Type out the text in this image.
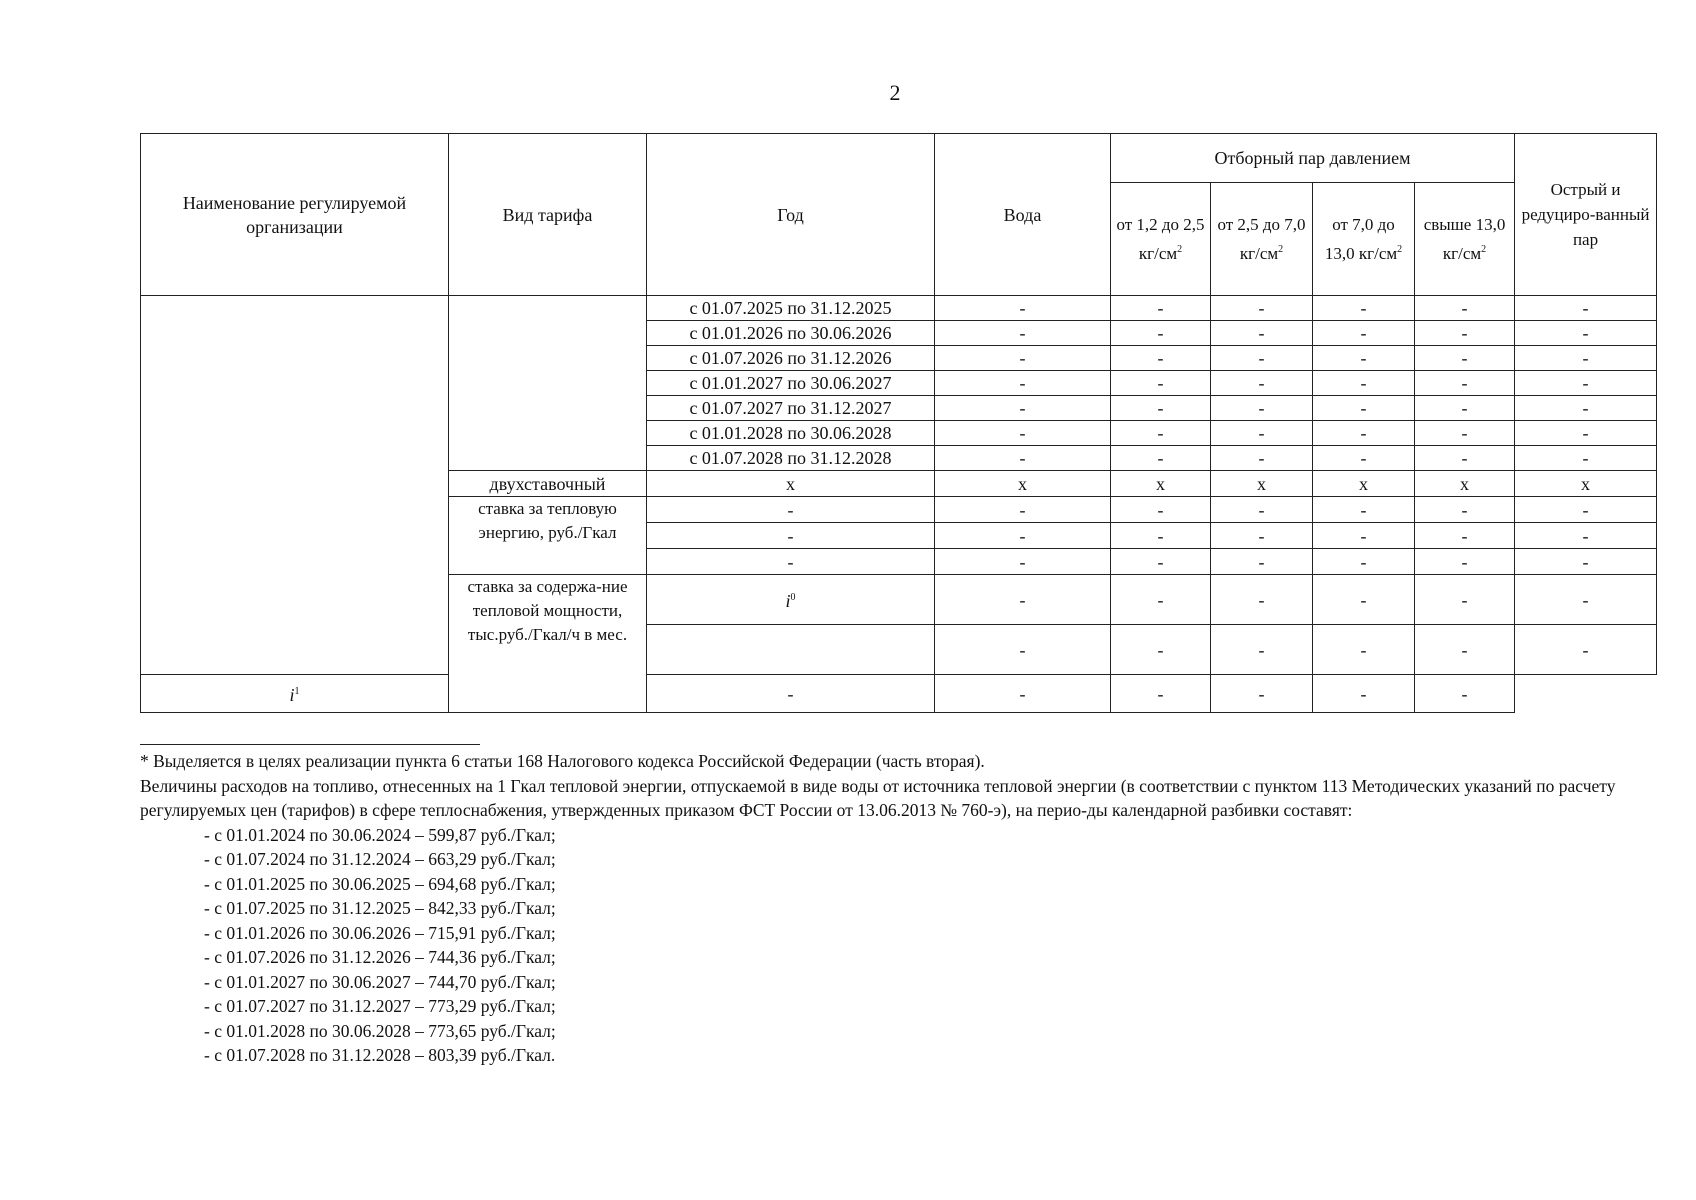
2
Наименование регулируемой организации	Вид тарифа	Год	Вода	Отборный пар давлением				Острый и редуциро-ванный пар
				от 1,2 до 2,5 $кг/см^2$	от 2,5 до 7,0 $кг/см^2$	от 7,0 до 13,0 $кг/см^2$	свыше 13,0 $кг/см^2$
		с 01.07.2025 по 31.12.2025	-	-	-	-	-	-
		с 01.01.2026 по 30.06.2026	-	-	-	-	-	-
		с 01.07.2026 по 31.12.2026	-	-	-	-	-	-
		с 01.01.2027 по 30.06.2027	-	-	-	-	-	-
		с 01.07.2027 по 31.12.2027	-	-	-	-	-	-
		с 01.01.2028 по 30.06.2028	-	-	-	-	-	-
		с 01.07.2028 по 31.12.2028	-	-	-	-	-	-
	двухставочный	x	x	x	x	x	x	x
	ставка за тепловую энергию, руб./Гкал	-	-	-	-	-	-	-
		-	-	-	-	-	-	-
		-	-	-	-	-	-	-
	ставка за содержа-ние тепловой мощности, тыс.руб./Гкал/ч в мес.	$i^0$	-	-	-	-	-	-
			-	-	-	-	-	-
$i^1$		-	-	-	-	-	-	

* Выделяется в целях реализации пункта 6 статьи 168 Налогового кодекса Российской Федерации (часть вторая).

Величины расходов на топливо, отнесенных на 1 Гкал тепловой энергии, отпускаемой в виде воды от источника тепловой энергии (в соответствии с пунктом 113 Методических указаний по расчету регулируемых цен (тарифов) в сфере теплоснабжения, утвержденных приказом ФСТ России от 13.06.2013 № 760-э), на перио-ды календарной разбивки составят:

- с 01.01.2024 по 30.06.2024 – 599,87 руб./Гкал;
- с 01.07.2024 по 31.12.2024 – 663,29 руб./Гкал;
- с 01.01.2025 по 30.06.2025 – 694,68 руб./Гкал;
- с 01.07.2025 по 31.12.2025 – 842,33 руб./Гкал;
- с 01.01.2026 по 30.06.2026 – 715,91 руб./Гкал;
- с 01.07.2026 по 31.12.2026 – 744,36 руб./Гкал;
- с 01.01.2027 по 30.06.2027 – 744,70 руб./Гкал;
- с 01.07.2027 по 31.12.2027 – 773,29 руб./Гкал;
- с 01.01.2028 по 30.06.2028 – 773,65 руб./Гкал;
- с 01.07.2028 по 31.12.2028 – 803,39 руб./Гкал.
